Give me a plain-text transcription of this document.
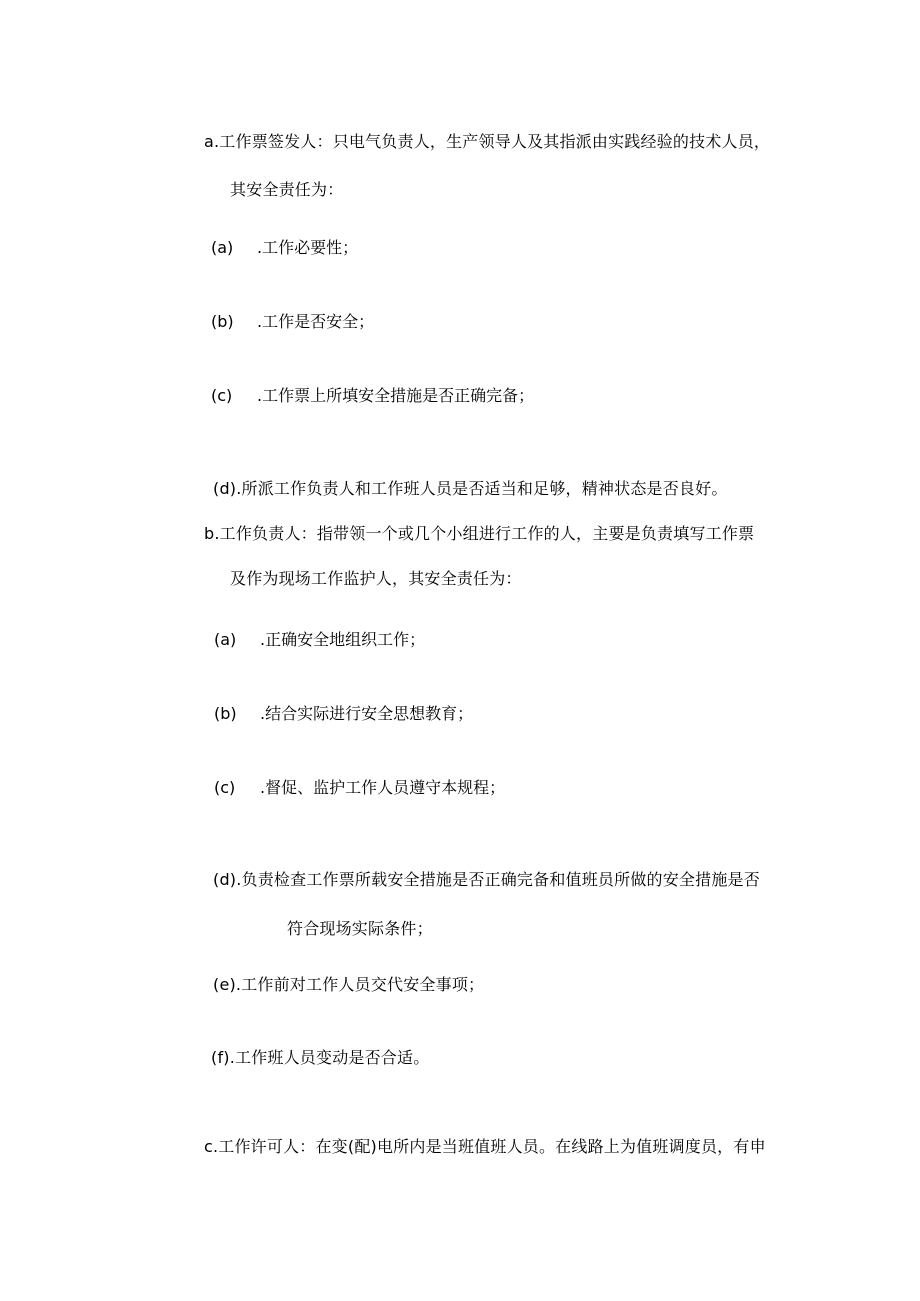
a.工作票签发人：只电气负责人，生产领导人及其指派由实践经验的技术人员，
其安全责任为：
(a) .工作必要性；
(b) .工作是否安全；
(c) .工作票上所填安全措施是否正确完备；
(d).所派工作负责人和工作班人员是否适当和足够，精神状态是否良好。
b.工作负责人：指带领一个或几个小组进行工作的人，主要是负责填写工作票
及作为现场工作监护人，其安全责任为：
(a) .正确安全地组织工作；
(b) .结合实际进行安全思想教育；
(c) .督促、监护工作人员遵守本规程；
(d).负责检查工作票所载安全措施是否正确完备和值班员所做的安全措施是否
符合现场实际条件；
(e).工作前对工作人员交代安全事项；
(f).工作班人员变动是否合适。
c.工作许可人：在变(配)电所内是当班值班人员。在线路上为值班调度员，有申
